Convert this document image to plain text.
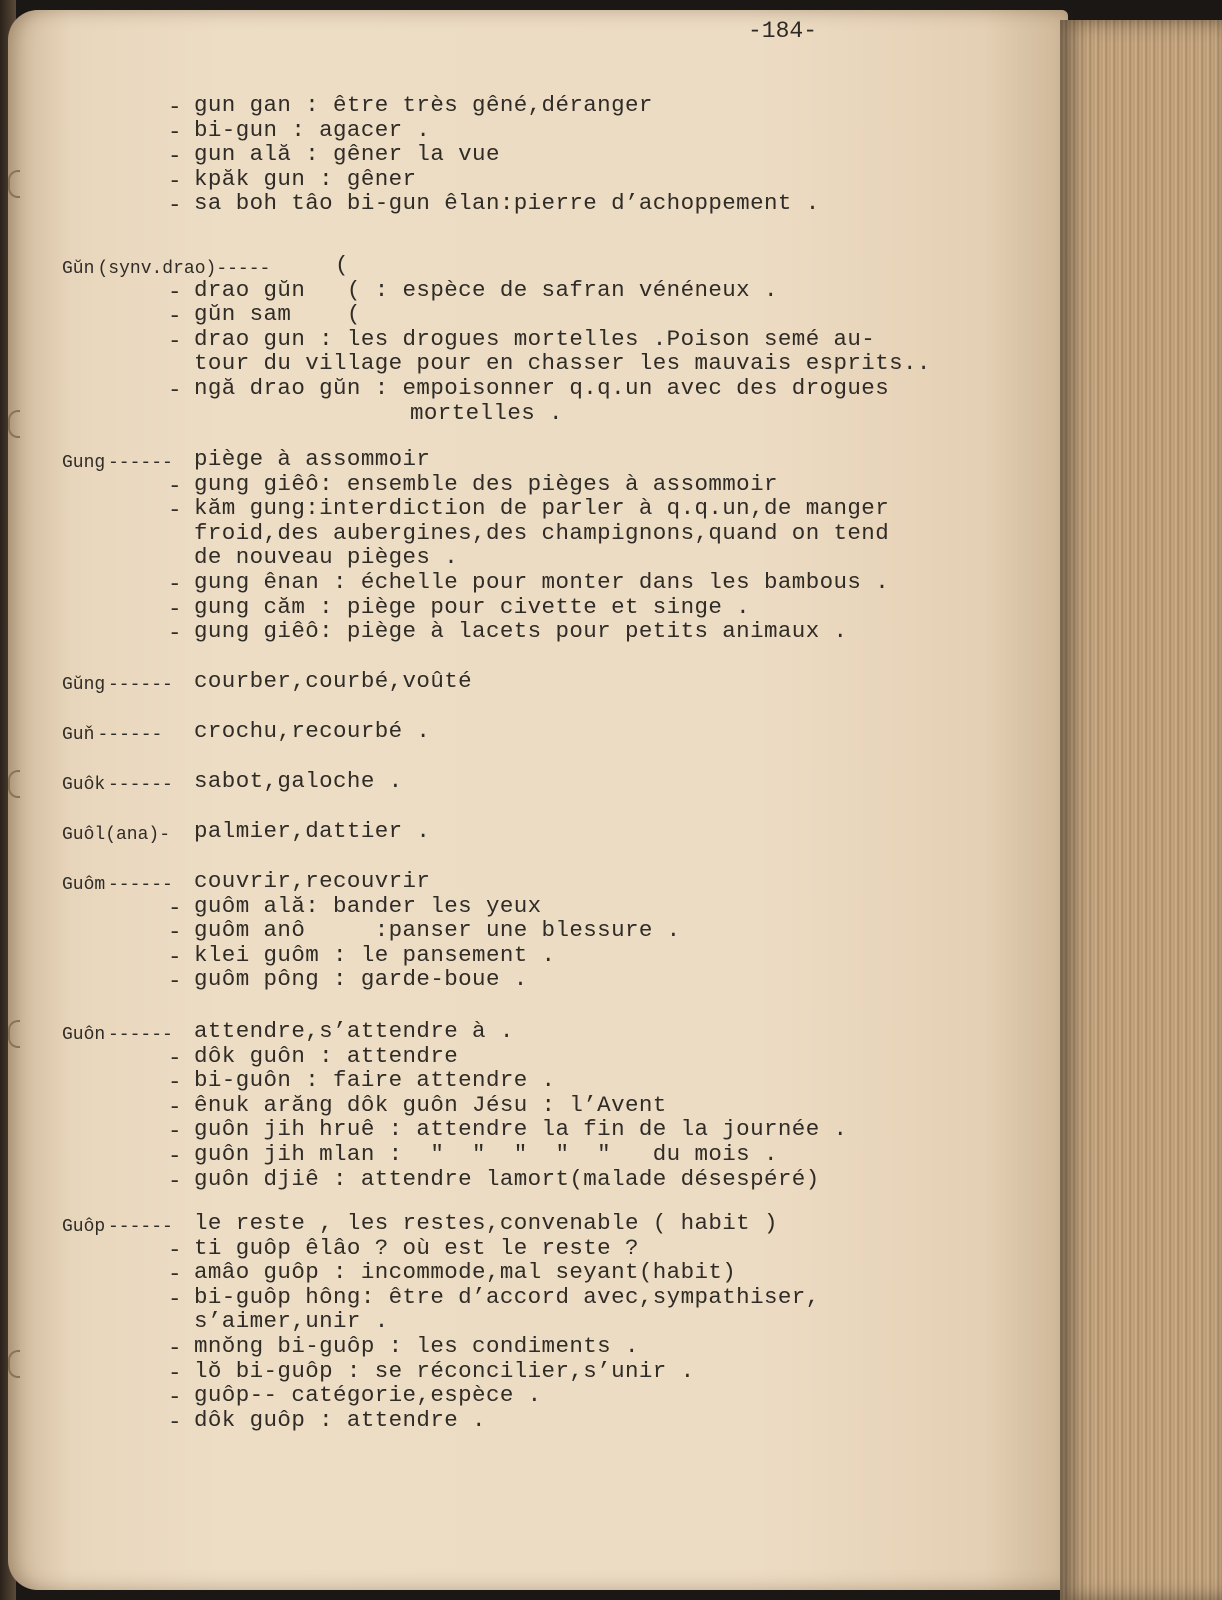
-184-
- gun gan : être très gêné,déranger
- bi-gun : agacer .
- gun ală : gêner la vue
- kpăk gun : gêner
- sa boh tâo bi-gun êlan:pierre d’achoppement .
Gŭn (synv.drao)-----	(
- drao gŭn   ( : espèce de safran vénéneux .
- gŭn sam    (
- drao gun : les drogues mortelles .Poison semé au-
tour du village pour en chasser les mauvais esprits..
- ngă drao gŭn : empoisonner q.q.un avec des drogues
mortelles .
Gung ------ piège à assommoir
- gung giêô: ensemble des pièges à assommoir
- kăm gung:interdiction de parler à q.q.un,de manger
froid,des aubergines,des champignons,quand on tend
de nouveau pièges .
- gung ênan : échelle pour monter dans les bambous .
- gung căm : piège pour civette et singe .
- gung giêô: piège à lacets pour petits animaux .
Gŭng ------ courber,courbé,voûté
Guň ------ crochu,recourbé .
Guôk ------ sabot,galoche .
Guôl(ana)- palmier,dattier .
Guôm ------ couvrir,recouvrir
- guôm ală: bander les yeux
- guôm anô     :panser une blessure .
- klei guôm : le pansement .
- guôm pông : garde-boue .
Guôn ------ attendre,s’attendre à .
- dôk guôn : attendre
- bi-guôn : faire attendre .
- ênuk arăng dôk guôn Jésu : l’Avent
- guôn jih hruê : attendre la fin de la journée .
- guôn jih mlan :  "  "  "  "  "   du mois .
- guôn djiê : attendre lamort(malade désespéré)
Guôp ------ le reste , les restes,convenable ( habit )
- ti guôp êlâo ? où est le reste ?
- amâo guôp : incommode,mal seyant(habit)
- bi-guôp hông: être d’accord avec,sympathiser,
s’aimer,unir .
- mnŏng bi-guôp : les condiments .
- lŏ bi-guôp : se réconcilier,s’unir .
- guôp-- catégorie,espèce .
- dôk guôp : attendre .
